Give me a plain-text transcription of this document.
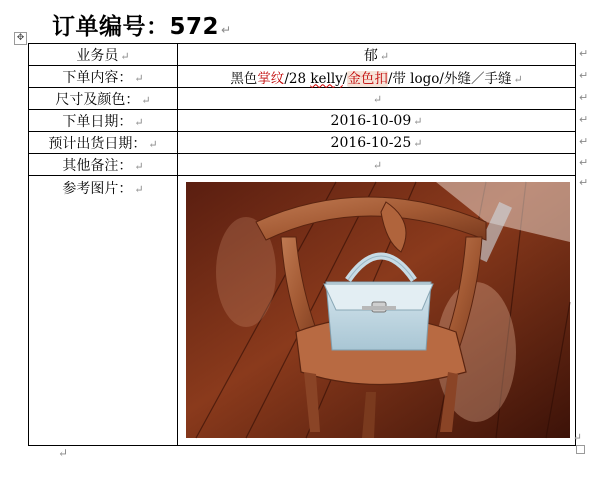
订单编号：572 ↵
✥
业务员 ↵	郁 ↵
下单内容： ↵	黑色掌纹/28 kelly/金色扣/带 logo/外缝／手缝 ↵
尺寸及颜色： ↵	↵
下单日期： ↵	2016-10-09 ↵
预计出货日期： ↵	2016-10-25 ↵
其他备注： ↵	↵
参考图片： ↵	↵
↵
↵
↵
↵
↵
↵
↵
↵
